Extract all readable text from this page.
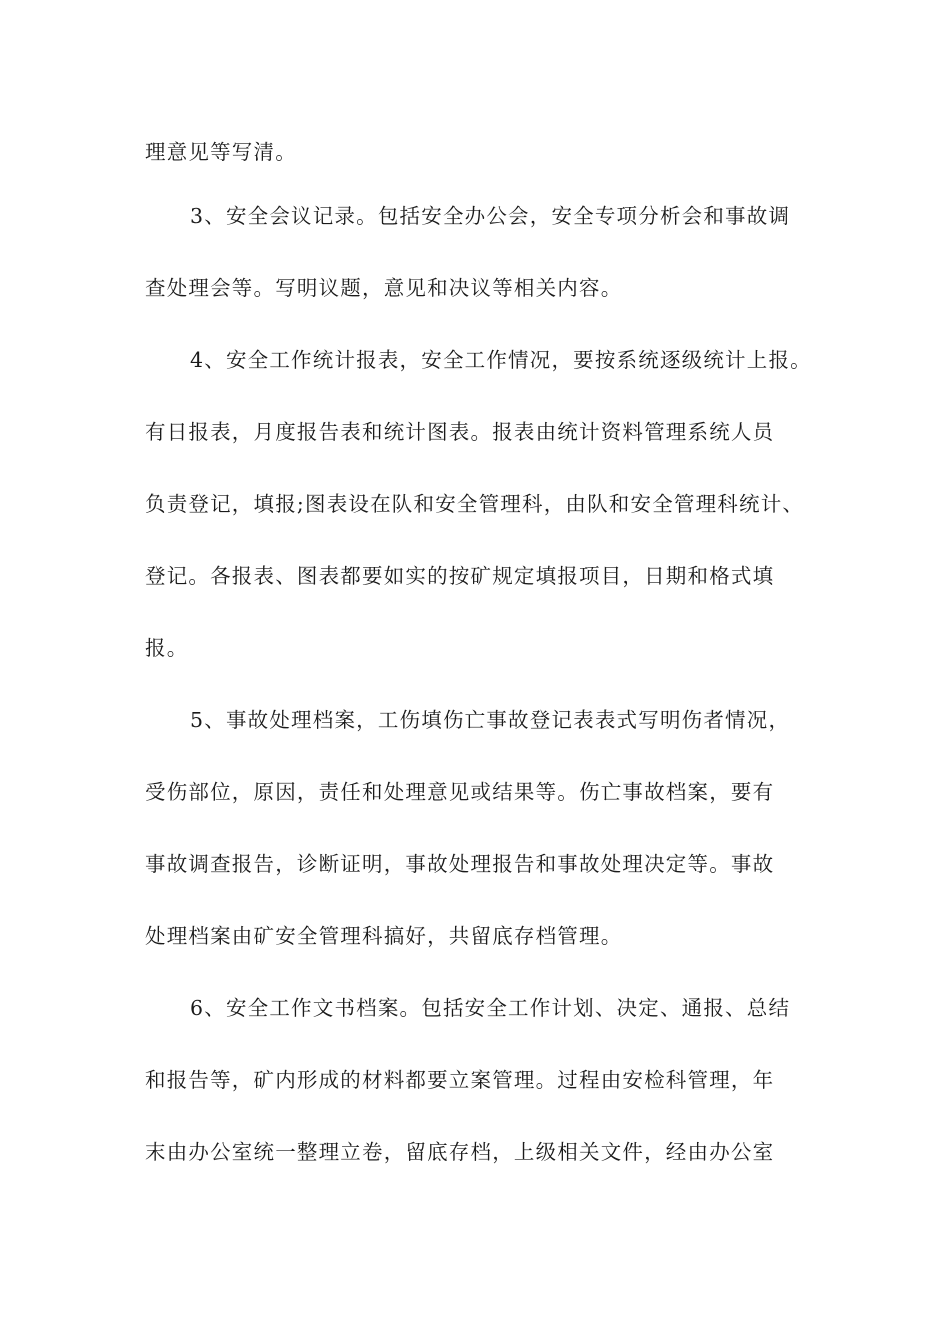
理意见等写清。
3、安全会议记录。包括安全办公会，安全专项分析会和事故调
查处理会等。写明议题，意见和决议等相关内容。
4、安全工作统计报表，安全工作情况，要按系统逐级统计上报。
有日报表，月度报告表和统计图表。报表由统计资料管理系统人员
负责登记，填报;图表设在队和安全管理科，由队和安全管理科统计、
登记。各报表、图表都要如实的按矿规定填报项目，日期和格式填
报。
5、事故处理档案，工伤填伤亡事故登记表表式写明伤者情况，
受伤部位，原因，责任和处理意见或结果等。伤亡事故档案，要有
事故调查报告，诊断证明，事故处理报告和事故处理决定等。事故
处理档案由矿安全管理科搞好，共留底存档管理。
6、安全工作文书档案。包括安全工作计划、决定、通报、总结
和报告等，矿内形成的材料都要立案管理。过程由安检科管理，年
末由办公室统一整理立卷，留底存档，上级相关文件，经由办公室
